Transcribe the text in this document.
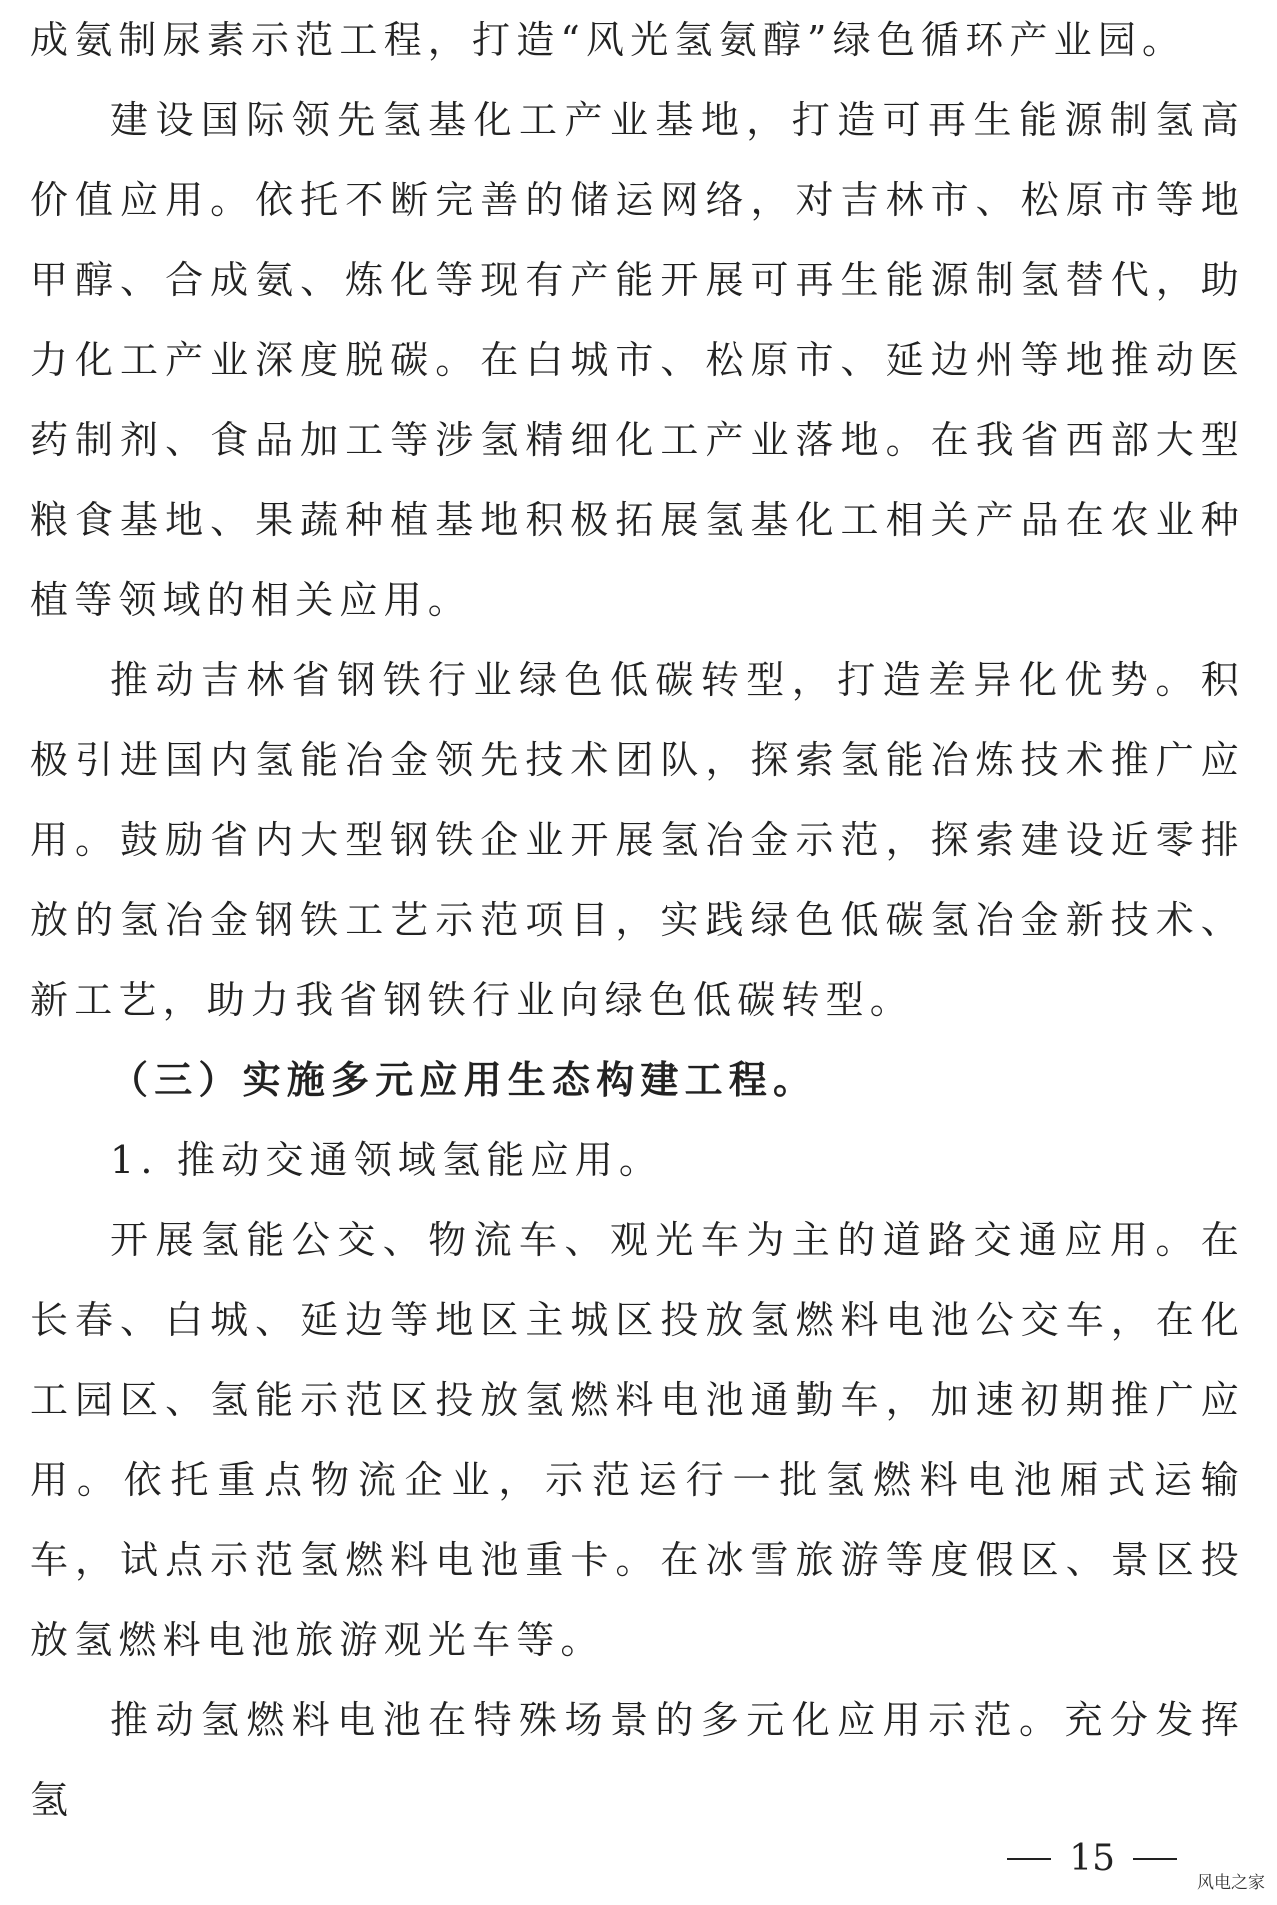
成氨制尿素示范工程，打造“风光氢氨醇”绿色循环产业园。

建设国际领先氢基化工产业基地，打造可再生能源制氢高价值应用。依托不断完善的储运网络，对吉林市、松原市等地甲醇、合成氨、炼化等现有产能开展可再生能源制氢替代，助力化工产业深度脱碳。在白城市、松原市、延边州等地推动医药制剂、食品加工等涉氢精细化工产业落地。在我省西部大型粮食基地、果蔬种植基地积极拓展氢基化工相关产品在农业种植等领域的相关应用。

推动吉林省钢铁行业绿色低碳转型，打造差异化优势。积极引进国内氢能冶金领先技术团队，探索氢能冶炼技术推广应用。鼓励省内大型钢铁企业开展氢冶金示范，探索建设近零排放的氢冶金钢铁工艺示范项目，实践绿色低碳氢冶金新技术、新工艺，助力我省钢铁行业向绿色低碳转型。

（三）实施多元应用生态构建工程。

1. 推动交通领域氢能应用。

开展氢能公交、物流车、观光车为主的道路交通应用。在长春、白城、延边等地区主城区投放氢燃料电池公交车，在化工园区、氢能示范区投放氢燃料电池通勤车，加速初期推广应用。依托重点物流企业，示范运行一批氢燃料电池厢式运输车，试点示范氢燃料电池重卡。在冰雪旅游等度假区、景区投放氢燃料电池旅游观光车等。

推动氢燃料电池在特殊场景的多元化应用示范。充分发挥氢

15
风电之家
